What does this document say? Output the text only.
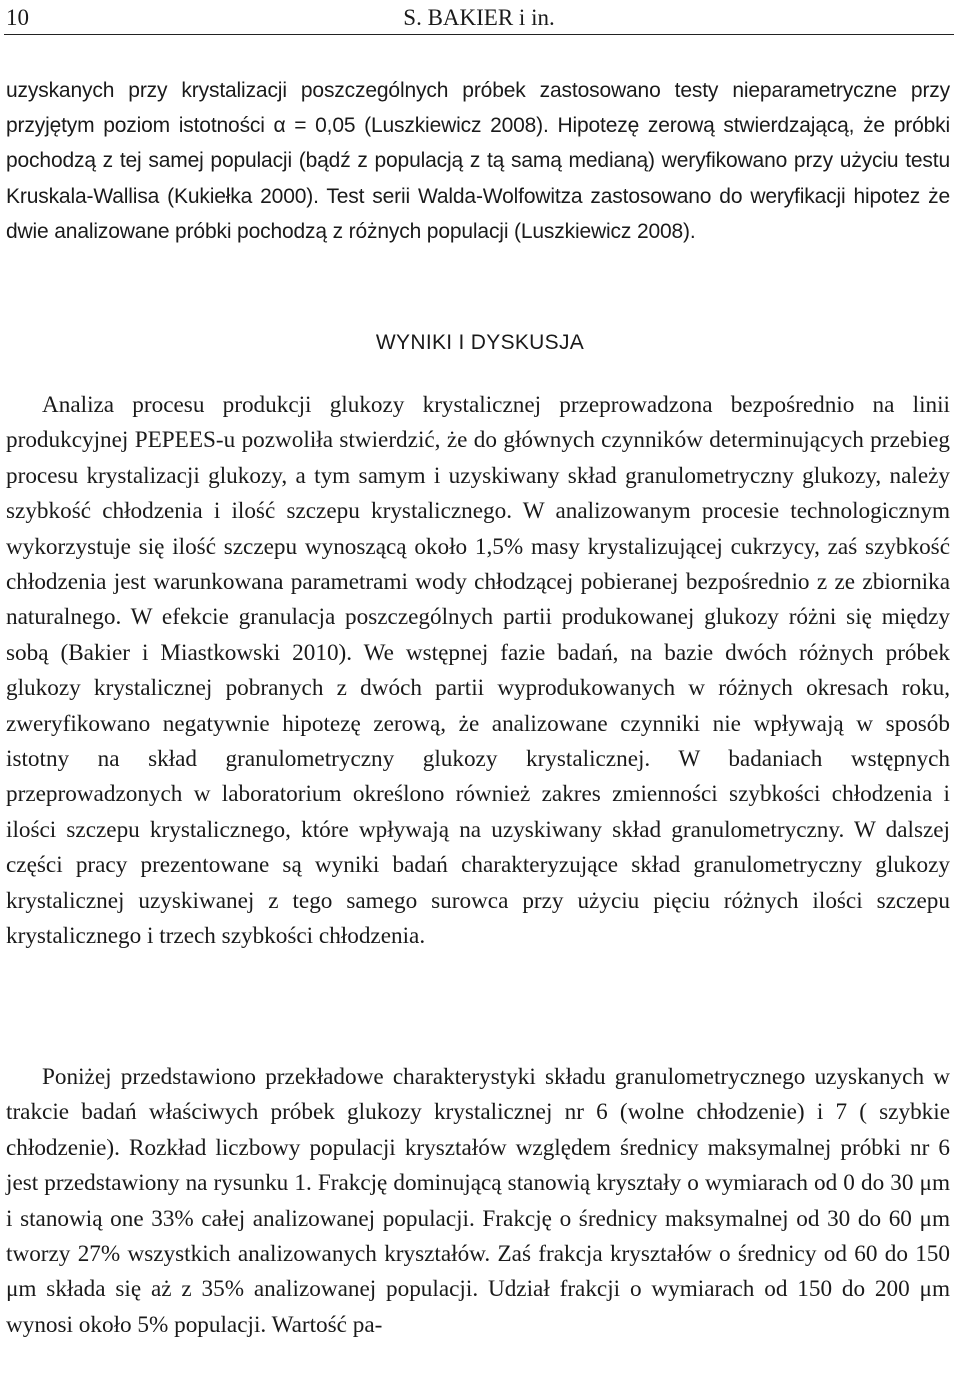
10	S. BAKIER i in.

uzyskanych przy krystalizacji poszczególnych próbek zastosowano testy nieparametryczne przy przyjętym poziom istotności α = 0,05 (Luszkiewicz 2008). Hipotezę zerową stwierdzającą, że próbki pochodzą z tej samej populacji (bądź z populacją z tą samą medianą) weryfikowano przy użyciu testu Kruskala-Wallisa (Kukiełka 2000). Test serii Walda-Wolfowitza zastosowano do weryfikacji hipotez że dwie analizowane próbki pochodzą z różnych populacji (Luszkiewicz 2008).

WYNIKI I DYSKUSJA

Analiza procesu produkcji glukozy krystalicznej przeprowadzona bezpośrednio na linii produkcyjnej PEPEES-u pozwoliła stwierdzić, że do głównych czynników determinujących przebieg procesu krystalizacji glukozy, a tym samym i uzyskiwany skład granulometryczny glukozy, należy szybkość chłodzenia i ilość szczepu krystalicznego. W analizowanym procesie technologicznym wykorzystuje się ilość szczepu wynoszącą około 1,5% masy krystalizującej cukrzycy, zaś szybkość chłodzenia jest warunkowana parametrami wody chłodzącej pobieranej bezpośrednio z ze zbiornika naturalnego. W efekcie granulacja poszczególnych partii produkowanej glukozy różni się między sobą (Bakier i Miastkowski 2010). We wstępnej fazie badań, na bazie dwóch różnych próbek glukozy krystalicznej pobranych z dwóch partii wyprodukowanych w różnych okresach roku, zweryfikowano negatywnie hipotezę zerową, że analizowane czynniki nie wpływają w sposób istotny na skład granulometryczny glukozy krystalicznej. W badaniach wstępnych przeprowadzonych w laboratorium określono również zakres zmienności szybkości chłodzenia i ilości szczepu krystalicznego, które wpływają na uzyskiwany skład granulometryczny. W dalszej części pracy prezentowane są wyniki badań charakteryzujące skład granulometryczny glukozy krystalicznej uzyskiwanej z tego samego surowca przy użyciu pięciu różnych ilości szczepu krystalicznego i trzech szybkości chłodzenia.

Poniżej przedstawiono przekładowe charakterystyki składu granulometrycznego uzyskanych w trakcie badań właściwych próbek glukozy krystalicznej nr 6 (wolne chłodzenie) i 7 ( szybkie chłodzenie). Rozkład liczbowy populacji kryształów względem średnicy maksymalnej próbki nr 6 jest przedstawiony na rysunku 1. Frakcję dominującą stanowią kryształy o wymiarach od 0 do 30 μm i stanowią one 33% całej analizowanej populacji. Frakcję o średnicy maksymalnej od 30 do 60 μm tworzy 27% wszystkich analizowanych kryształów. Zaś frakcja kryształów o średnicy od 60 do 150 μm składa się aż z 35% analizowanej populacji. Udział frakcji o wymiarach od 150 do 200 μm wynosi około 5% populacji. Wartość pa-
